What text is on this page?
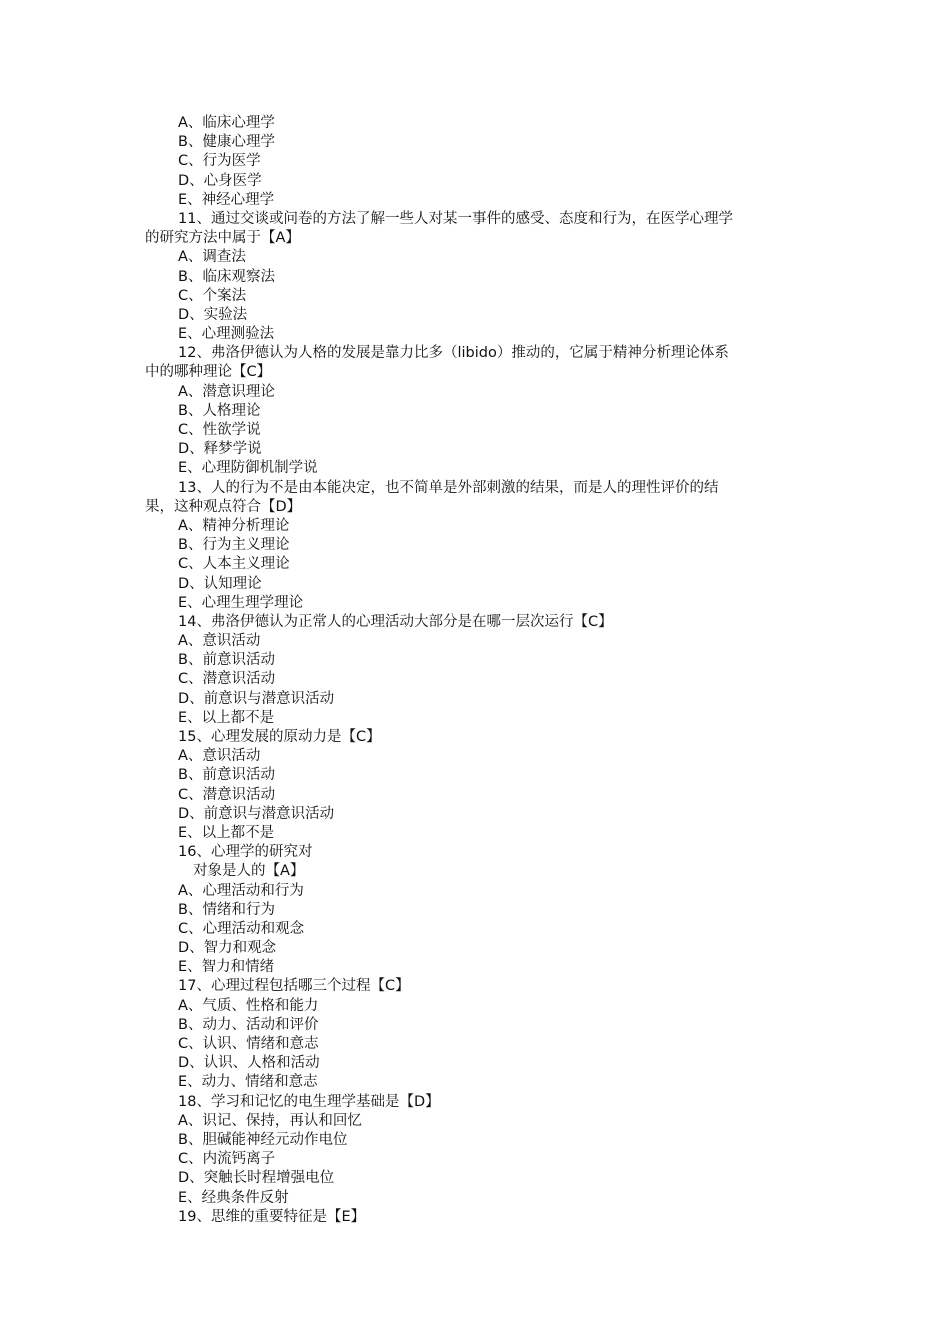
A、临床心理学
B、健康心理学
C、行为医学
D、心身医学
E、神经心理学
11、通过交谈或问卷的方法了解一些人对某一事件的感受、态度和行为，在医学心理学
的研究方法中属于【A】
A、调查法
B、临床观察法
C、个案法
D、实验法
E、心理测验法
12、弗洛伊德认为人格的发展是靠力比多（libido）推动的，它属于精神分析理论体系
中的哪种理论【C】
A、潜意识理论
B、人格理论
C、性欲学说
D、释梦学说
E、心理防御机制学说
13、人的行为不是由本能决定，也不简单是外部刺激的结果，而是人的理性评价的结
果，这种观点符合【D】
A、精神分析理论
B、行为主义理论
C、人本主义理论
D、认知理论
E、心理生理学理论
14、弗洛伊德认为正常人的心理活动大部分是在哪一层次运行【C】
A、意识活动
B、前意识活动
C、潜意识活动
D、前意识与潜意识活动
E、以上都不是
15、心理发展的原动力是【C】
A、意识活动
B、前意识活动
C、潜意识活动
D、前意识与潜意识活动
E、以上都不是
16、心理学的研究对
对象是人的【A】
A、心理活动和行为
B、情绪和行为
C、心理活动和观念
D、智力和观念
E、智力和情绪
17、心理过程包括哪三个过程【C】
A、气质、性格和能力
B、动力、活动和评价
C、认识、情绪和意志
D、认识、人格和活动
E、动力、情绪和意志
18、学习和记忆的电生理学基础是【D】
A、识记、保持，再认和回忆
B、胆碱能神经元动作电位
C、内流钙离子
D、突触长时程增强电位
E、经典条件反射
19、思维的重要特征是【E】
